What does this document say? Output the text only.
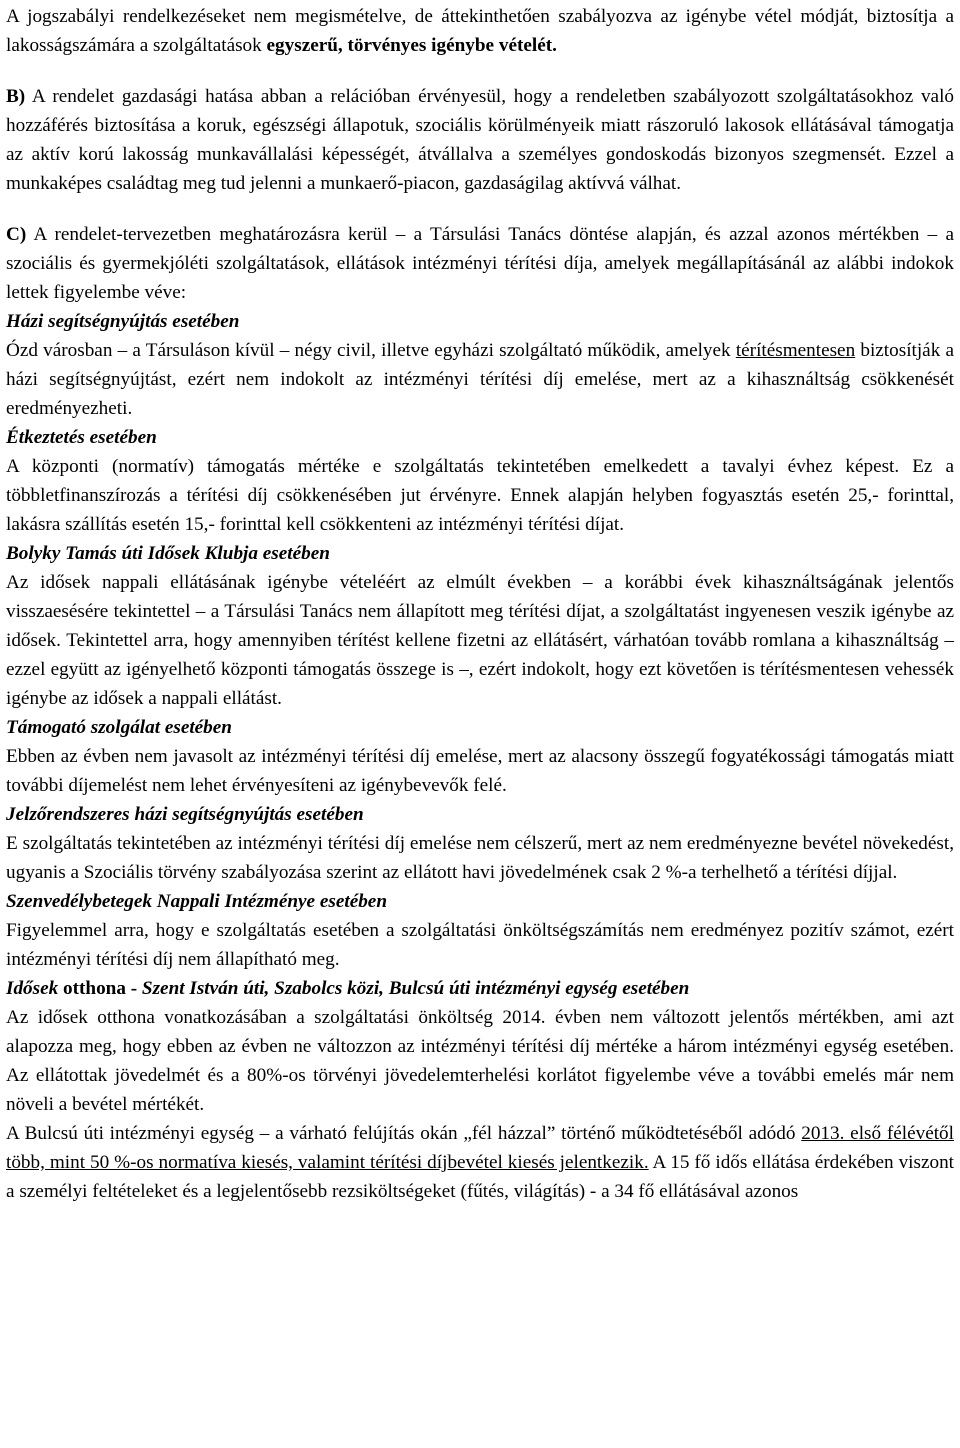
A jogszabályi rendelkezéseket nem megismételve, de áttekinthetően szabályozva az igénybe vétel módját, biztosítja a lakosságszámára a szolgáltatások egyszerű, törvényes igénybe vételét.

B) A rendelet gazdasági hatása abban a relációban érvényesül, hogy a rendeletben szabályozott szolgáltatásokhoz való hozzáférés biztosítása a koruk, egészségi állapotuk, szociális körülményeik miatt rászoruló lakosok ellátásával támogatja az aktív korú lakosság munkavállalási képességét, átvállalva a személyes gondoskodás bizonyos szegmensét. Ezzel a munkaképes családtag meg tud jelenni a munkaerő-piacon, gazdaságilag aktívvá válhat.

C) A rendelet-tervezetben meghatározásra kerül – a Társulási Tanács döntése alapján, és azzal azonos mértékben – a szociális és gyermekjóléti szolgáltatások, ellátások intézményi térítési díja, amelyek megállapításánál az alábbi indokok lettek figyelembe véve:

Házi segítségnyújtás esetében

Ózd városban – a Társuláson kívül – négy civil, illetve egyházi szolgáltató működik, amelyek térítésmentesen biztosítják a házi segítségnyújtást, ezért nem indokolt az intézményi térítési díj emelése, mert az a kihasználtság csökkenését eredményezheti.

Étkeztetés esetében

A központi (normatív) támogatás mértéke e szolgáltatás tekintetében emelkedett a tavalyi évhez képest. Ez a többletfinanszírozás a térítési díj csökkenésében jut érvényre. Ennek alapján helyben fogyasztás esetén 25,- forinttal, lakásra szállítás esetén 15,- forinttal kell csökkenteni az intézményi térítési díjat.

Bolyky Tamás úti Idősek Klubja esetében

Az idősek nappali ellátásának igénybe vételéért az elmúlt években – a korábbi évek kihasználtságának jelentős visszaesésére tekintettel – a Társulási Tanács nem állapított meg térítési díjat, a szolgáltatást ingyenesen veszik igénybe az idősek. Tekintettel arra, hogy amennyiben térítést kellene fizetni az ellátásért, várhatóan tovább romlana a kihasználtság – ezzel együtt az igényelhető központi támogatás összege is –, ezért indokolt, hogy ezt követően is térítésmentesen vehessék igénybe az idősek a nappali ellátást.

Támogató szolgálat esetében

Ebben az évben nem javasolt az intézményi térítési díj emelése, mert az alacsony összegű fogyatékossági támogatás miatt további díjemelést nem lehet érvényesíteni az igénybevevők felé.

Jelzőrendszeres házi segítségnyújtás esetében

E szolgáltatás tekintetében az intézményi térítési díj emelése nem célszerű, mert az nem eredményezne bevétel növekedést, ugyanis a Szociális törvény szabályozása szerint az ellátott havi jövedelmének csak 2 %-a terhelhető a térítési díjjal.

Szenvedélybetegek Nappali Intézménye esetében

Figyelemmel arra, hogy e szolgáltatás esetében a szolgáltatási önköltségszámítás nem eredményez pozitív számot, ezért intézményi térítési díj nem állapítható meg.

Idősek otthona - Szent István úti, Szabolcs közi, Bulcsú úti intézményi egység esetében

Az idősek otthona vonatkozásában a szolgáltatási önköltség 2014. évben nem változott jelentős mértékben, ami azt alapozza meg, hogy ebben az évben ne változzon az intézményi térítési díj mértéke a három intézményi egység esetében. Az ellátottak jövedelmét és a 80%-os törvényi jövedelemterhelési korlátot figyelembe véve a további emelés már nem növeli a bevétel mértékét.

A Bulcsú úti intézményi egység – a várható felújítás okán „fél házzal” történő működtetéséből adódó 2013. első félévétől több, mint 50 %-os normatíva kiesés, valamint térítési díjbevétel kiesés jelentkezik. A 15 fő idős ellátása érdekében viszont a személyi feltételeket és a legjelentősebb rezsiköltségeket (fűtés, világítás) - a 34 fő ellátásával azonos
